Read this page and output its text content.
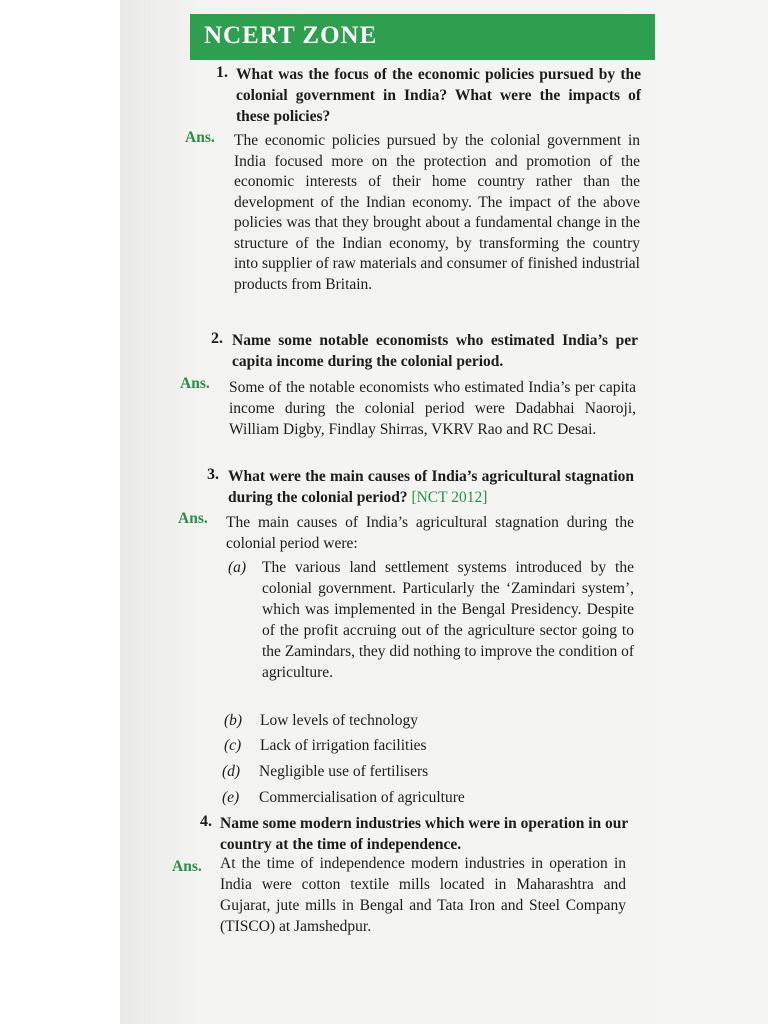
NCERT ZONE
1. What was the focus of the economic policies pursued by the colonial government in India? What were the impacts of these policies?
Ans. The economic policies pursued by the colonial government in India focused more on the protection and promotion of the economic interests of their home country rather than the development of the Indian economy. The impact of the above policies was that they brought about a fundamental change in the structure of the Indian economy, by transforming the country into supplier of raw materials and consumer of finished industrial products from Britain.
2. Name some notable economists who estimated India’s per capita income during the colonial period.
Ans. Some of the notable economists who estimated India’s per capita income during the colonial period were Dadabhai Naoroji, William Digby, Findlay Shirras, VKRV Rao and RC Desai.
3. What were the main causes of India’s agricultural stagnation during the colonial period? [NCT 2012]
Ans. The main causes of India’s agricultural stagnation during the colonial period were:
(a) The various land settlement systems introduced by the colonial government. Particularly the ‘Zamindari system’, which was implemented in the Bengal Presidency. Despite of the profit accruing out of the agriculture sector going to the Zamindars, they did nothing to improve the condition of agriculture.
(b) Low levels of technology
(c) Lack of irrigation facilities
(d) Negligible use of fertilisers
(e) Commercialisation of agriculture
4. Name some modern industries which were in operation in our country at the time of independence.
Ans. At the time of independence modern industries in operation in India were cotton textile mills located in Maharashtra and Gujarat, jute mills in Bengal and Tata Iron and Steel Company (TISCO) at Jamshedpur.
